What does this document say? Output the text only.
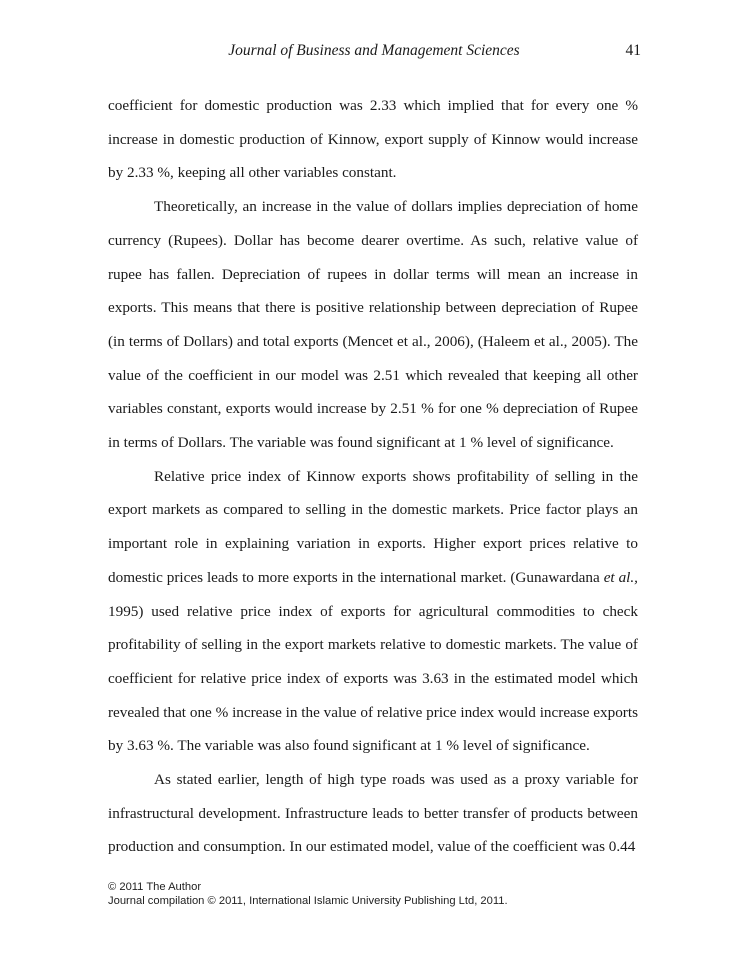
Journal of Business and Management Sciences	41

coefficient for domestic production was 2.33 which implied that for every one % increase in domestic production of Kinnow, export supply of Kinnow would increase by 2.33 %, keeping all other variables constant.

Theoretically, an increase in the value of dollars implies depreciation of home currency (Rupees). Dollar has become dearer overtime. As such, relative value of rupee has fallen. Depreciation of rupees in dollar terms will mean an increase in exports. This means that there is positive relationship between depreciation of Rupee (in terms of Dollars) and total exports (Mencet et al., 2006), (Haleem et al., 2005). The value of the coefficient in our model was 2.51 which revealed that keeping all other variables constant, exports would increase by 2.51 % for one % depreciation of Rupee in terms of Dollars. The variable was found significant at 1 % level of significance.

Relative price index of Kinnow exports shows profitability of selling in the export markets as compared to selling in the domestic markets. Price factor plays an important role in explaining variation in exports. Higher export prices relative to domestic prices leads to more exports in the international market. (Gunawardana et al., 1995) used relative price index of exports for agricultural commodities to check profitability of selling in the export markets relative to domestic markets. The value of coefficient for relative price index of exports was 3.63 in the estimated model which revealed that one % increase in the value of relative price index would increase exports by 3.63 %. The variable was also found significant at 1 % level of significance.

As stated earlier, length of high type roads was used as a proxy variable for infrastructural development. Infrastructure leads to better transfer of products between production and consumption. In our estimated model, value of the coefficient was 0.44

© 2011 The Author

Journal compilation © 2011, International Islamic University Publishing Ltd, 2011.
